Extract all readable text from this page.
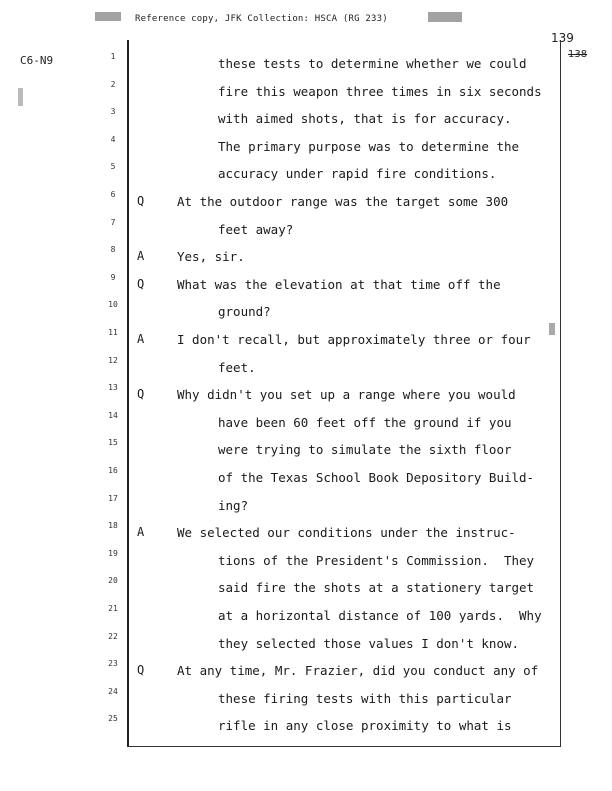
Reference copy, JFK Collection: HSCA (RG 233)
C6-N9
139
138
1	these tests to determine whether we could
2	fire this weapon three times in six seconds
3	with aimed shots, that is for accuracy.
4	The primary purpose was to determine the
5	accuracy under rapid fire conditions.
6	Q	At the outdoor range was the target some 300
7	feet away?
8	A	Yes, sir.
9	Q	What was the elevation at that time off the
10	ground?
11	A	I don't recall, but approximately three or four
12	feet.
13	Q	Why didn't you set up a range where you would
14	have been 60 feet off the ground if you
15	were trying to simulate the sixth floor
16	of the Texas School Book Depository Build-
17	ing?
18	A	We selected our conditions under the instruc-
19	tions of the President's Commission.  They
20	said fire the shots at a stationery target
21	at a horizontal distance of 100 yards.  Why
22	they selected those values I don't know.
23	Q	At any time, Mr. Frazier, did you conduct any of
24	these firing tests with this particular
25	rifle in any close proximity to what is
